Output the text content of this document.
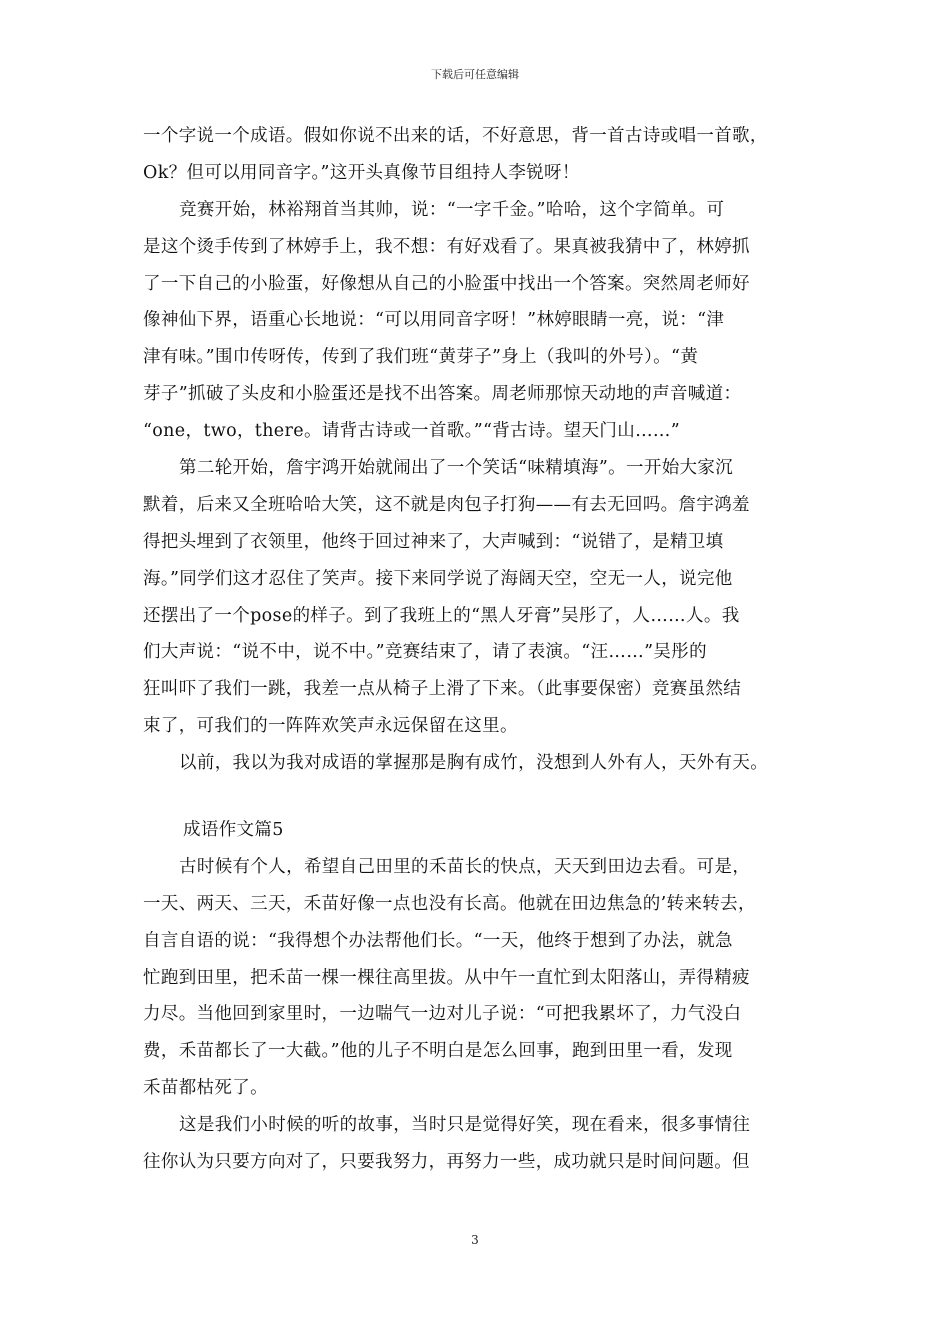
下载后可任意编辑
一个字说一个成语。假如你说不出来的话，不好意思，背一首古诗或唱一首歌，
Ok？但可以用同音字。”这开头真像节目组持人李锐呀！
竞赛开始，林裕翔首当其帅，说：“一字千金。”哈哈，这个字简单。可
是这个烫手传到了林婷手上，我不想：有好戏看了。果真被我猜中了，林婷抓
了一下自己的小脸蛋，好像想从自己的小脸蛋中找出一个答案。突然周老师好
像神仙下界，语重心长地说：“可以用同音字呀！”林婷眼睛一亮，说：“津
津有味。”围巾传呀传，传到了我们班“黄芽子”身上（我叫的外号）。“黄
芽子”抓破了头皮和小脸蛋还是找不出答案。周老师那惊天动地的声音喊道：
“one，two，there。请背古诗或一首歌。”“背古诗。望天门山……”
第二轮开始，詹宇鸿开始就闹出了一个笑话“味精填海”。一开始大家沉
默着，后来又全班哈哈大笑，这不就是肉包子打狗——有去无回吗。詹宇鸿羞
得把头埋到了衣领里，他终于回过神来了，大声喊到：“说错了，是精卫填
海。”同学们这才忍住了笑声。接下来同学说了海阔天空，空无一人，说完他
还摆出了一个pose的样子。到了我班上的“黑人牙膏”吴彤了，人……人。我
们大声说：“说不中，说不中。”竞赛结束了，请了表演。“汪……”吴彤的
狂叫吓了我们一跳，我差一点从椅子上滑了下来。（此事要保密）竞赛虽然结
束了，可我们的一阵阵欢笑声永远保留在这里。
以前，我以为我对成语的掌握那是胸有成竹，没想到人外有人，天外有天。
成语作文篇5
古时候有个人，希望自己田里的禾苗长的快点，天天到田边去看。可是，
一天、两天、三天，禾苗好像一点也没有长高。他就在田边焦急的’转来转去，
自言自语的说：“我得想个办法帮他们长。“一天，他终于想到了办法，就急
忙跑到田里，把禾苗一棵一棵往高里拔。从中午一直忙到太阳落山，弄得精疲
力尽。当他回到家里时，一边喘气一边对儿子说：“可把我累坏了，力气没白
费，禾苗都长了一大截。”他的儿子不明白是怎么回事，跑到田里一看，发现
禾苗都枯死了。
这是我们小时候的听的故事，当时只是觉得好笑，现在看来，很多事情往
往你认为只要方向对了，只要我努力，再努力一些，成功就只是时间问题。但
3
